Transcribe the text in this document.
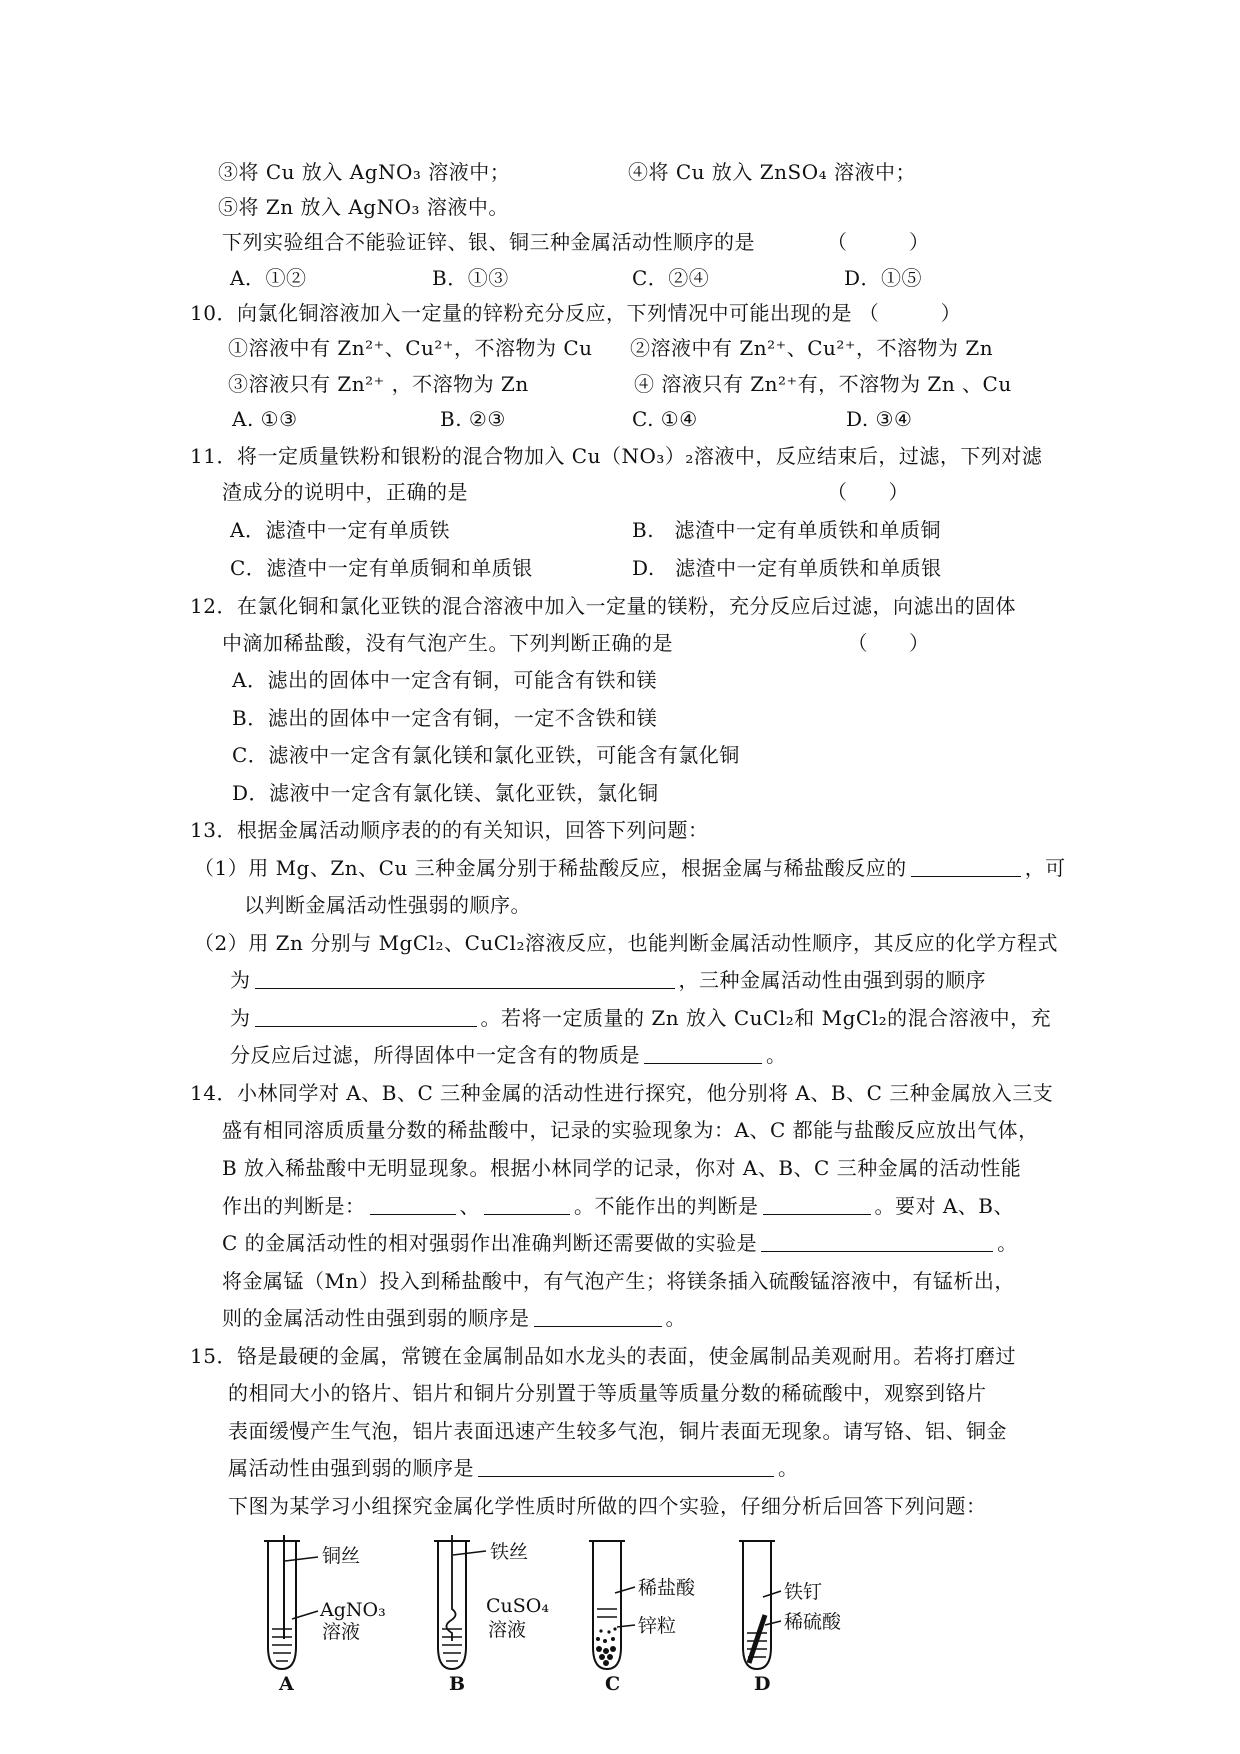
③将 Cu 放入 AgNO₃ 溶液中；	④将 Cu 放入 ZnSO₄ 溶液中；
⑤将 Zn 放入 AgNO₃ 溶液中。
下列实验组合不能验证锌、银、铜三种金属活动性顺序的是　　　　（　　　）
A．①②	B．①③	C．②④	D．①⑤
10．向氯化铜溶液加入一定量的锌粉充分反应，下列情况中可能出现的是 （　　　）
①溶液中有 Zn²⁺、Cu²⁺，不溶物为 Cu ②溶液中有 Zn²⁺、Cu²⁺，不溶物为 Zn
③溶液只有 Zn²⁺ ，不溶物为 Zn	④ 溶液只有 Zn²⁺有，不溶物为 Zn 、Cu
A. ①③	B. ②③	C. ①④	D. ③④
11．将一定质量铁粉和银粉的混合物加入 Cu（NO₃）₂溶液中，反应结束后，过滤，下列对滤
渣成分的说明中，正确的是　　　　　　　　　　　　　　　　　　（　　）
A．滤渣中一定有单质铁	B.　滤渣中一定有单质铁和单质铜
C．滤渣中一定有单质铜和单质银	D.　滤渣中一定有单质铁和单质银
12．在氯化铜和氯化亚铁的混合溶液中加入一定量的镁粉，充分反应后过滤，向滤出的固体
中滴加稀盐酸，没有气泡产生。下列判断正确的是　　　　　　　　　（　　）
A．滤出的固体中一定含有铜，可能含有铁和镁
B．滤出的固体中一定含有铜，一定不含铁和镁
C．滤液中一定含有氯化镁和氯化亚铁，可能含有氯化铜
D．滤液中一定含有氯化镁、氯化亚铁，氯化铜
13．根据金属活动顺序表的的有关知识，回答下列问题：
（1）用 Mg、Zn、Cu 三种金属分别于稀盐酸反应，根据金属与稀盐酸反应的	，可
以判断金属活动性强弱的顺序。
（2）用 Zn 分别与 MgCl₂、CuCl₂溶液反应，也能判断金属活动性顺序，其反应的化学方程式
为	，三种金属活动性由强到弱的顺序
为	。若将一定质量的 Zn 放入 CuCl₂和 MgCl₂的混合溶液中，充
分反应后过滤，所得固体中一定含有的物质是	。
14．小林同学对 A、B、C 三种金属的活动性进行探究，他分别将 A、B、C 三种金属放入三支
盛有相同溶质质量分数的稀盐酸中，记录的实验现象为：A、C 都能与盐酸反应放出气体，
B 放入稀盐酸中无明显现象。根据小林同学的记录，你对 A、B、C 三种金属的活动性能
作出的判断是：	、	。不能作出的判断是	。要对 A、B、
C 的金属活动性的相对强弱作出准确判断还需要做的实验是	。
将金属锰（Mn）投入到稀盐酸中，有气泡产生；将镁条插入硫酸锰溶液中，有锰析出，
则的金属活动性由强到弱的顺序是	。
15．铬是最硬的金属，常镀在金属制品如水龙头的表面，使金属制品美观耐用。若将打磨过
的相同大小的铬片、铝片和铜片分别置于等质量等质量分数的稀硫酸中，观察到铬片
表面缓慢产生气泡，铝片表面迅速产生较多气泡，铜片表面无现象。请写铬、铝、铜金
属活动性由强到弱的顺序是	。
下图为某学习小组探究金属化学性质时所做的四个实验，仔细分析后回答下列问题：
铜丝
AgNO₃
溶液
A
铁丝
CuSO₄
溶液
B
稀盐酸
锌粒
C
铁钉
稀硫酸
D
